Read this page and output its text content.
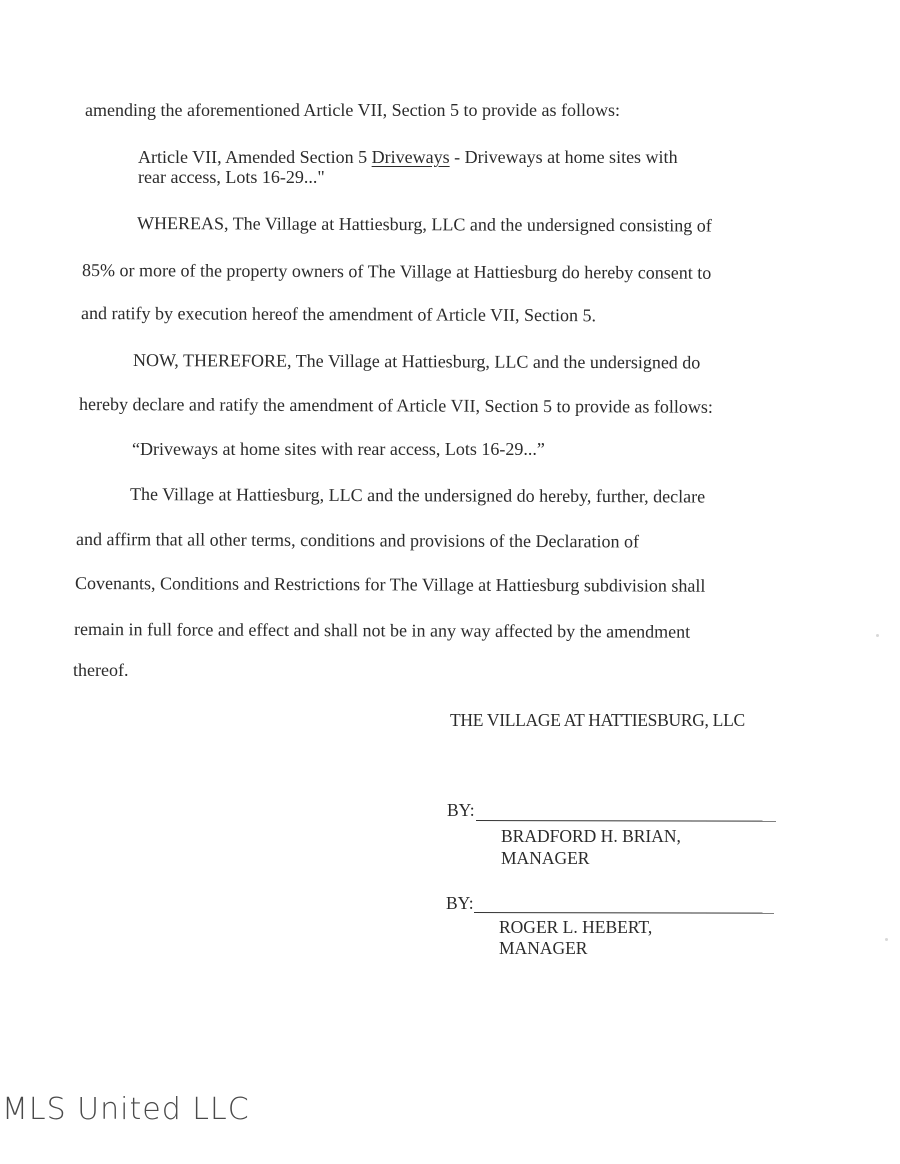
amending the aforementioned Article VII, Section 5 to provide as follows:
Article VII, Amended Section 5 Driveways - Driveways at home sites with
rear access, Lots 16-29..."
WHEREAS, The Village at Hattiesburg, LLC and the undersigned consisting of
85% or more of the property owners of The Village at Hattiesburg do hereby consent to
and ratify by execution hereof the amendment of Article VII, Section 5.
NOW, THEREFORE, The Village at Hattiesburg, LLC and the undersigned do
hereby declare and ratify the amendment of Article VII, Section 5 to provide as follows:
“Driveways at home sites with rear access, Lots 16-29...”
The Village at Hattiesburg, LLC and the undersigned do hereby, further, declare
and affirm that all other terms, conditions and provisions of the Declaration of
Covenants, Conditions and Restrictions for The Village at Hattiesburg subdivision shall
remain in full force and effect and shall not be in any way affected by the amendment
thereof.
THE VILLAGE AT HATTIESBURG, LLC
BY:
BRADFORD H. BRIAN,
MANAGER
BY:
ROGER L. HEBERT,
MANAGER
MLS United LLC
